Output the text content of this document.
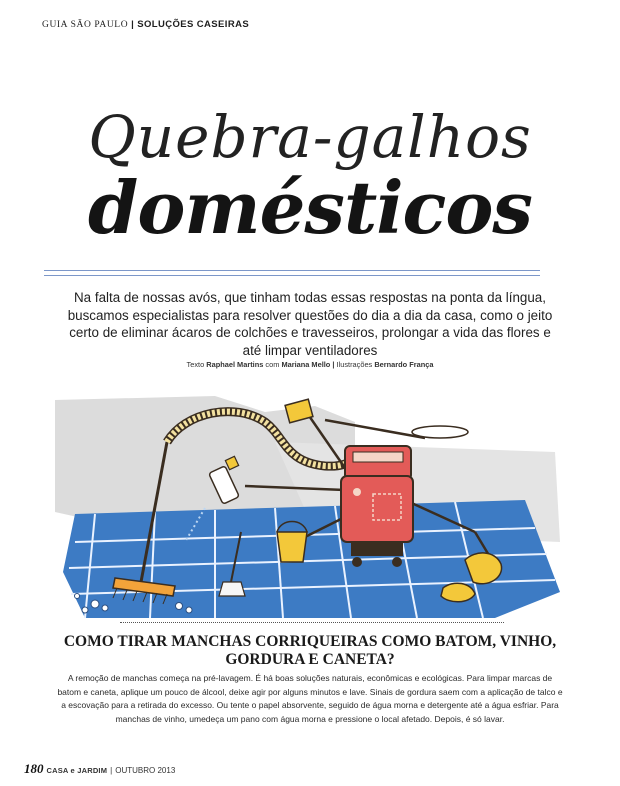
GUIA SÃO PAULO | SOLUÇÕES CASEIRAS
Quebra-galhos
domésticos
Na falta de nossas avós, que tinham todas essas respostas na ponta da língua, buscamos especialistas para resolver questões do dia a dia da casa, como o jeito certo de eliminar ácaros de colchões e travesseiros, prolongar a vida das flores e até limpar ventiladores
Texto Raphael Martins com Mariana Mello | Ilustrações Bernardo França
COMO TIRAR MANCHAS CORRIQUEIRAS COMO BATOM, VINHO, GORDURA E CANETA?
A remoção de manchas começa na pré-lavagem. É há boas soluções naturais, econômicas e ecológicas. Para limpar marcas de batom e caneta, aplique um pouco de álcool, deixe agir por alguns minutos e lave. Sinais de gordura saem com a aplicação de talco e a escovação para a retirada do excesso. Ou tente o papel absorvente, seguido de água morna e detergente até a água esfriar. Para manchas de vinho, umedeça um pano com água morna e pressione o local afetado. Depois, é só lavar.
180 CASA e JARDIM | OUTUBRO 2013
